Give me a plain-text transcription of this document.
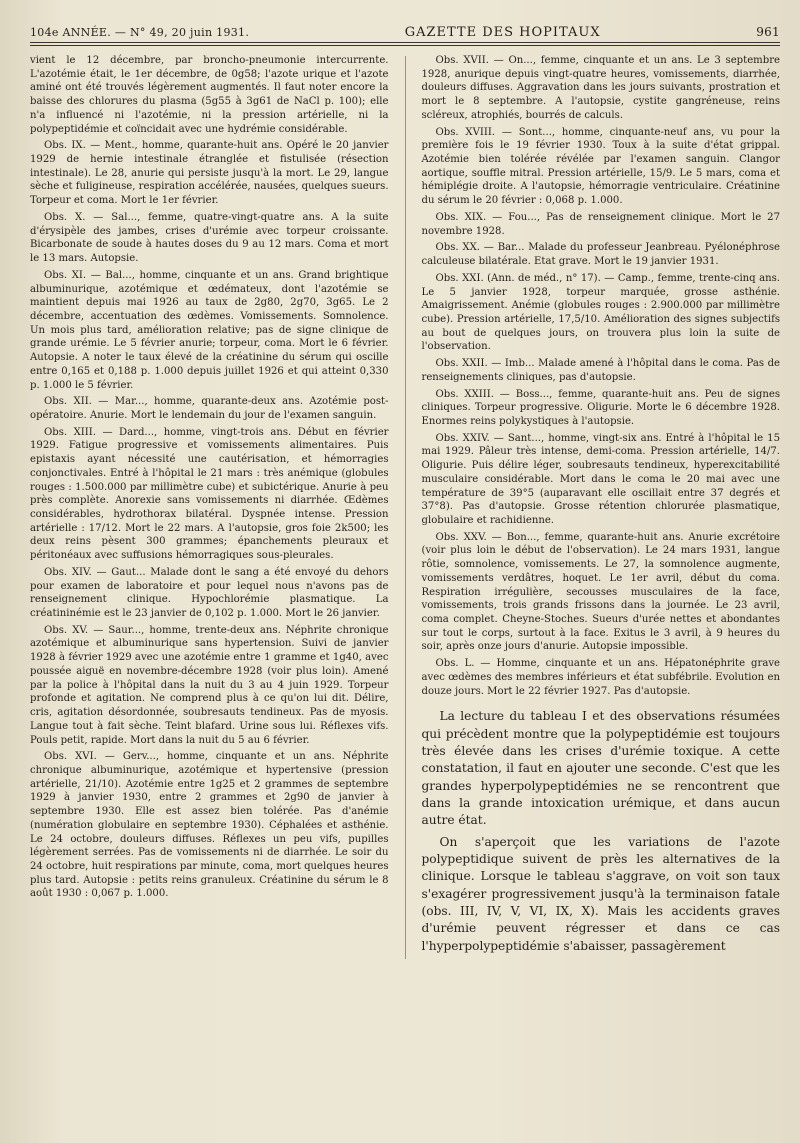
104e ANNÉE. — N° 49, 20 juin 1931.	GAZETTE DES HOPITAUX	961

vient le 12 décembre, par broncho-pneumonie intercurrente. L'azotémie était, le 1er décembre, de 0g58; l'azote urique et l'azote aminé ont été trouvés légèrement augmentés. Il faut noter encore la baisse des chlorures du plasma (5g55 à 3g61 de NaCl p. 100); elle n'a influencé ni l'azotémie, ni la pression artérielle, ni la polypeptidémie et coïncidait avec une hydrémie considérable.

Obs. IX. — Ment., homme, quarante-huit ans. Opéré le 20 janvier 1929 de hernie intestinale étranglée et fistulisée (résection intestinale). Le 28, anurie qui persiste jusqu'à la mort. Le 29, langue sèche et fuligineuse, respiration accélérée, nausées, quelques sueurs. Torpeur et coma. Mort le 1er février.

Obs. X. — Sal..., femme, quatre-vingt-quatre ans. A la suite d'érysipèle des jambes, crises d'urémie avec torpeur croissante. Bicarbonate de soude à hautes doses du 9 au 12 mars. Coma et mort le 13 mars. Autopsie.

Obs. XI. — Bal..., homme, cinquante et un ans. Grand brightique albuminurique, azotémique et œdémateux, dont l'azotémie se maintient depuis mai 1926 au taux de 2g80, 2g70, 3g65. Le 2 décembre, accentuation des œdèmes. Vomissements. Somnolence. Un mois plus tard, amélioration relative; pas de signe clinique de grande urémie. Le 5 février anurie; torpeur, coma. Mort le 6 février. Autopsie. A noter le taux élevé de la créatinine du sérum qui oscille entre 0,165 et 0,188 p. 1.000 depuis juillet 1926 et qui atteint 0,330 p. 1.000 le 5 février.

Obs. XII. — Mar..., homme, quarante-deux ans. Azotémie post-opératoire. Anurie. Mort le lendemain du jour de l'examen sanguin.

Obs. XIII. — Dard..., homme, vingt-trois ans. Début en février 1929. Fatigue progressive et vomissements alimentaires. Puis epistaxis ayant nécessité une cautérisation, et hémorragies conjonctivales. Entré à l'hôpital le 21 mars : très anémique (globules rouges : 1.500.000 par millimètre cube) et subictérique. Anurie à peu près complète. Anorexie sans vomissements ni diarrhée. Œdèmes considérables, hydrothorax bilatéral. Dyspnée intense. Pression artérielle : 17/12. Mort le 22 mars. A l'autopsie, gros foie 2k500; les deux reins pèsent 300 grammes; épanchements pleuraux et péritonéaux avec suffusions hémorragiques sous-pleurales.

Obs. XIV. — Gaut... Malade dont le sang a été envoyé du dehors pour examen de laboratoire et pour lequel nous n'avons pas de renseignement clinique. Hypochlorémie plasmatique. La créatininémie est le 23 janvier de 0,102 p. 1.000. Mort le 26 janvier.

Obs. XV. — Saur..., homme, trente-deux ans. Néphrite chronique azotémique et albuminurique sans hypertension. Suivi de janvier 1928 à février 1929 avec une azotémie entre 1 gramme et 1g40, avec poussée aiguë en novembre-décembre 1928 (voir plus loin). Amené par la police à l'hôpital dans la nuit du 3 au 4 juin 1929. Torpeur profonde et agitation. Ne comprend plus à ce qu'on lui dit. Délire, cris, agitation désordonnée, soubresauts tendineux. Pas de myosis. Langue tout à fait sèche. Teint blafard. Urine sous lui. Réflexes vifs. Pouls petit, rapide. Mort dans la nuit du 5 au 6 février.

Obs. XVI. — Gerv..., homme, cinquante et un ans. Néphrite chronique albuminurique, azotémique et hypertensive (pression artérielle, 21/10). Azotémie entre 1g25 et 2 grammes de septembre 1929 à janvier 1930, entre 2 grammes et 2g90 de janvier à septembre 1930. Elle est assez bien tolérée. Pas d'anémie (numération globulaire en septembre 1930). Céphalées et asthénie. Le 24 octobre, douleurs diffuses. Réflexes un peu vifs, pupilles légèrement serrées. Pas de vomissements ni de diarrhée. Le soir du 24 octobre, huit respirations par minute, coma, mort quelques heures plus tard. Autopsie : petits reins granuleux. Créatinine du sérum le 8 août 1930 : 0,067 p. 1.000.

Obs. XVII. — On..., femme, cinquante et un ans. Le 3 septembre 1928, anurique depuis vingt-quatre heures, vomissements, diarrhée, douleurs diffuses. Aggravation dans les jours suivants, prostration et mort le 8 septembre. A l'autopsie, cystite gangréneuse, reins scléreux, atrophiés, bourrés de calculs.

Obs. XVIII. — Sont..., homme, cinquante-neuf ans, vu pour la première fois le 19 février 1930. Toux à la suite d'état grippal. Azotémie bien tolérée révélée par l'examen sanguin. Clangor aortique, souffle mitral. Pression artérielle, 15/9. Le 5 mars, coma et hémiplégie droite. A l'autopsie, hémorragie ventriculaire. Créatinine du sérum le 20 février : 0,068 p. 1.000.

Obs. XIX. — Fou..., Pas de renseignement clinique. Mort le 27 novembre 1928.

Obs. XX. — Bar... Malade du professeur Jeanbreau. Pyélonéphrose calculeuse bilatérale. Etat grave. Mort le 19 janvier 1931.

Obs. XXI. (Ann. de méd., n° 17). — Camp., femme, trente-cinq ans. Le 5 janvier 1928, torpeur marquée, grosse asthénie. Amaigrissement. Anémie (globules rouges : 2.900.000 par millimètre cube). Pression artérielle, 17,5/10. Amélioration des signes subjectifs au bout de quelques jours, on trouvera plus loin la suite de l'observation.

Obs. XXII. — Imb... Malade amené à l'hôpital dans le coma. Pas de renseignements cliniques, pas d'autopsie.

Obs. XXIII. — Boss..., femme, quarante-huit ans. Peu de signes cliniques. Torpeur progressive. Oligurie. Morte le 6 décembre 1928. Enormes reins polykystiques à l'autopsie.

Obs. XXIV. — Sant..., homme, vingt-six ans. Entré à l'hôpital le 15 mai 1929. Pâleur très intense, demi-coma. Pression artérielle, 14/7. Oligurie. Puis délire léger, soubresauts tendineux, hyperexcitabilité musculaire considérable. Mort dans le coma le 20 mai avec une température de 39°5 (auparavant elle oscillait entre 37 degrés et 37°8). Pas d'autopsie. Grosse rétention chlorurée plasmatique, globulaire et rachidienne.

Obs. XXV. — Bon..., femme, quarante-huit ans. Anurie excrétoire (voir plus loin le début de l'observation). Le 24 mars 1931, langue rôtie, somnolence, vomissements. Le 27, la somnolence augmente, vomissements verdâtres, hoquet. Le 1er avril, début du coma. Respiration irrégulière, secousses musculaires de la face, vomissements, trois grands frissons dans la journée. Le 23 avril, coma complet. Cheyne-Stoches. Sueurs d'urée nettes et abondantes sur tout le corps, surtout à la face. Exitus le 3 avril, à 9 heures du soir, après onze jours d'anurie. Autopsie impossible.

Obs. L. — Homme, cinquante et un ans. Hépatonéphrite grave avec œdèmes des membres inférieurs et état subfébrile. Evolution en douze jours. Mort le 22 février 1927. Pas d'autopsie.

La lecture du tableau I et des observations résumées qui précèdent montre que la polypeptidémie est toujours très élevée dans les crises d'urémie toxique. A cette constatation, il faut en ajouter une seconde. C'est que les grandes hyperpolypeptidémies ne se rencontrent que dans la grande intoxication urémique, et dans aucun autre état.

On s'aperçoit que les variations de l'azote polypeptidique suivent de près les alternatives de la clinique. Lorsque le tableau s'aggrave, on voit son taux s'exagérer progressivement jusqu'à la terminaison fatale (obs. III, IV, V, VI, IX, X). Mais les accidents graves d'urémie peuvent régresser et dans ce cas l'hyperpolypeptidémie s'abaisser, passagèrement
